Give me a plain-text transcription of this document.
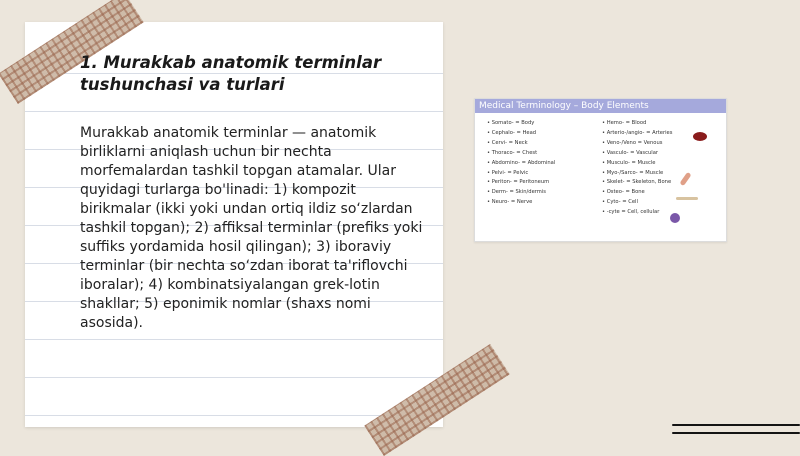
1. Murakkab anatomik terminlar tushunchasi va turlari

Murakkab anatomik terminlar — anatomik birliklarni aniqlash uchun bir nechta morfemalardan tashkil topgan atamalar. Ular quyidagi turlarga bo'linadi: 1) kompozit birikmalar (ikki yoki undan ortiq ildiz so‘zlardan tashkil topgan); 2) affiksal terminlar (prefiks yoki suffiks yordamida hosil qilingan); 3) iboraviy terminlar (bir nechta so‘zdan iborat ta'riflovchi iboralar); 4) kombinatsiyalangan grek-lotin shakllar; 5) eponimik nomlar (shaxs nomi asosida).

Medical Terminology – Body Elements
• Somato- = Body
• Cephalo- = Head
• Cervi- = Neck
• Thoraco- = Chest
• Abdomino- = Abdominal
• Pelvi- = Pelvic
• Periton- = Peritoneum
• Derm- = Skin/dermis
• Neuro- = Nerve
• Hemo- = Blood
• Arterio-/angio- = Arteries
• Veno-/Veno = Venous
• Vasculo- = Vascular
• Musculo- = Muscle
• Myo-/Sarco- = Muscle
• Skelet- = Skeleton, Bone
• Osteo- = Bone
• Cyto- = Cell
• -cyte = Cell, cellular
